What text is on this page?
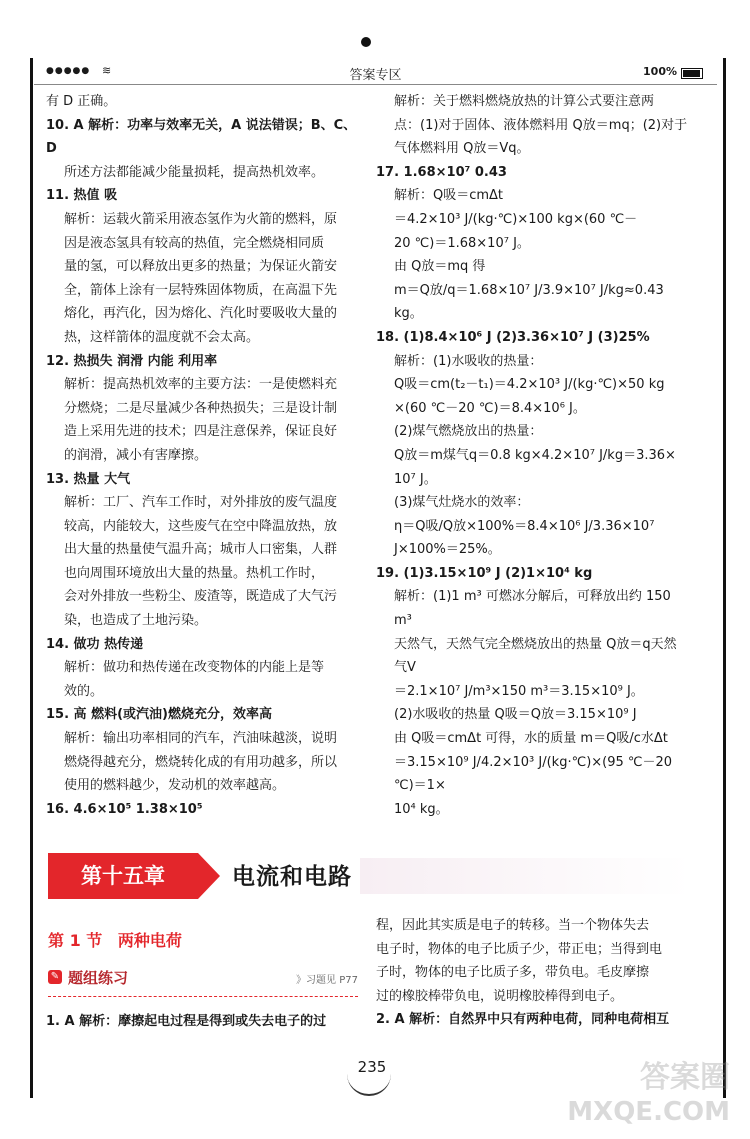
●●●●● ≋	答案专区	100%

有 D 正确。

10. A 解析：功率与效率无关，A 说法错误；B、C、D

所述方法都能减少能量损耗，提高热机效率。

11. 热值 吸

解析：运载火箭采用液态氢作为火箭的燃料，原

因是液态氢具有较高的热值，完全燃烧相同质

量的氢，可以释放出更多的热量；为保证火箭安

全，箭体上涂有一层特殊固体物质，在高温下先

熔化，再汽化，因为熔化、汽化时要吸收大量的

热，这样箭体的温度就不会太高。

12. 热损失 润滑 内能 利用率

解析：提高热机效率的主要方法：一是使燃料充

分燃烧；二是尽量减少各种热损失；三是设计制

造上采用先进的技术；四是注意保养，保证良好

的润滑，减小有害摩擦。

13. 热量 大气

解析：工厂、汽车工作时，对外排放的废气温度

较高，内能较大，这些废气在空中降温放热，放

出大量的热量使气温升高；城市人口密集，人群

也向周围环境放出大量的热量。热机工作时，

会对外排放一些粉尘、废渣等，既造成了大气污

染，也造成了土地污染。

14. 做功 热传递

解析：做功和热传递在改变物体的内能上是等

效的。

15. 高 燃料(或汽油)燃烧充分，效率高

解析：输出功率相同的汽车，汽油味越淡，说明

燃烧得越充分，燃烧转化成的有用功越多，所以

使用的燃料越少，发动机的效率越高。

16. 4.6×10⁵ 1.38×10⁵

解析：关于燃料燃烧放热的计算公式要注意两

点：(1)对于固体、液体燃料用 Q放＝mq；(2)对于

气体燃料用 Q放＝Vq。

17. 1.68×10⁷ 0.43

解析：Q吸＝cmΔt

＝4.2×10³ J/(kg·℃)×100 kg×(60 ℃－

20 ℃)＝1.68×10⁷ J。

由 Q放＝mq 得

m＝Q放/q＝1.68×10⁷ J/3.9×10⁷ J/kg≈0.43 kg。

18. (1)8.4×10⁶ J (2)3.36×10⁷ J (3)25%

解析：(1)水吸收的热量：

Q吸＝cm(t₂－t₁)＝4.2×10³ J/(kg·℃)×50 kg

×(60 ℃－20 ℃)＝8.4×10⁶ J。

(2)煤气燃烧放出的热量：

Q放＝m煤气q＝0.8 kg×4.2×10⁷ J/kg＝3.36×

10⁷ J。

(3)煤气灶烧水的效率：

η＝Q吸/Q放×100%＝8.4×10⁶ J/3.36×10⁷ J×100%＝25%。

19. (1)3.15×10⁹ J (2)1×10⁴ kg

解析：(1)1 m³ 可燃冰分解后，可释放出约 150 m³

天然气，天然气完全燃烧放出的热量 Q放＝q天然气V

＝2.1×10⁷ J/m³×150 m³＝3.15×10⁹ J。

(2)水吸收的热量 Q吸＝Q放＝3.15×10⁹ J

由 Q吸＝cmΔt 可得，水的质量 m＝Q吸/c水Δt

＝3.15×10⁹ J/4.2×10³ J/(kg·℃)×(95 ℃－20 ℃)＝1×

10⁴ kg。

第十五章	电流和电路
第 1 节 两种电荷
✎ 题组练习	》习题见 P77

1. A 解析：摩擦起电过程是得到或失去电子的过

程，因此其实质是电子的转移。当一个物体失去

电子时，物体的电子比质子少，带正电；当得到电

子时，物体的电子比质子多，带负电。毛皮摩擦

过的橡胶棒带负电，说明橡胶棒得到电子。

2. A 解析：自然界中只有两种电荷，同种电荷相互

235	答案圈
MXQE.COM
